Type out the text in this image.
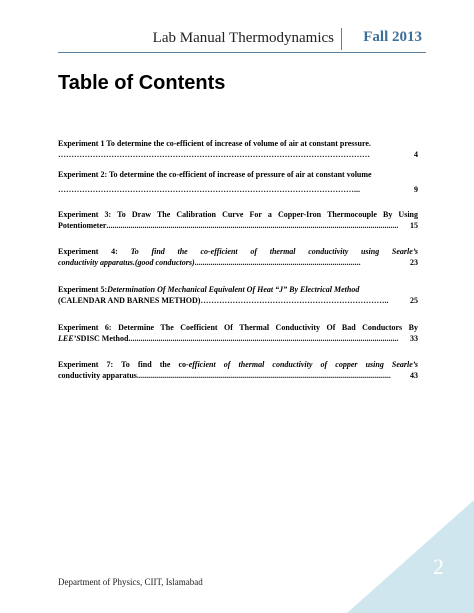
Lab Manual Thermodynamics Fall 2013
Table of Contents
Experiment 1 To determine the co-efficient of increase of volume of air at constant pressure.
………………………………………………………………………………………………………	4
Experiment 2: To determine the co-efficient of increase of pressure of air at constant volume
…………………………………………………………………………………………………...	9
Experiment 3: To Draw The Calibration Curve For a Copper-Iron Thermocouple By Using
Potentiometer ..................................................................................................................................................	15
Experiment 4: To find the co-efficient of thermal conductivity using Searle’s
conductivity apparatus.(good conductors) ...................................................................................	23
Experiment 5: Determination Of Mechanical Equivalent Of Heat “J” By Electrical Method
(CALENDAR AND BARNES METHOD) ……………………………………………………………..	25
Experiment 6: Determine The Coefficient Of Thermal Conductivity Of Bad Conductors By
LEE’S DISC Method .......................................................................................................................................	33
Experiment 7: To find the co-efficient of thermal conductivity of copper using Searle’s
conductivity apparatus ...............................................................................................................................	43
Department of Physics, CIIT, Islamabad
2
